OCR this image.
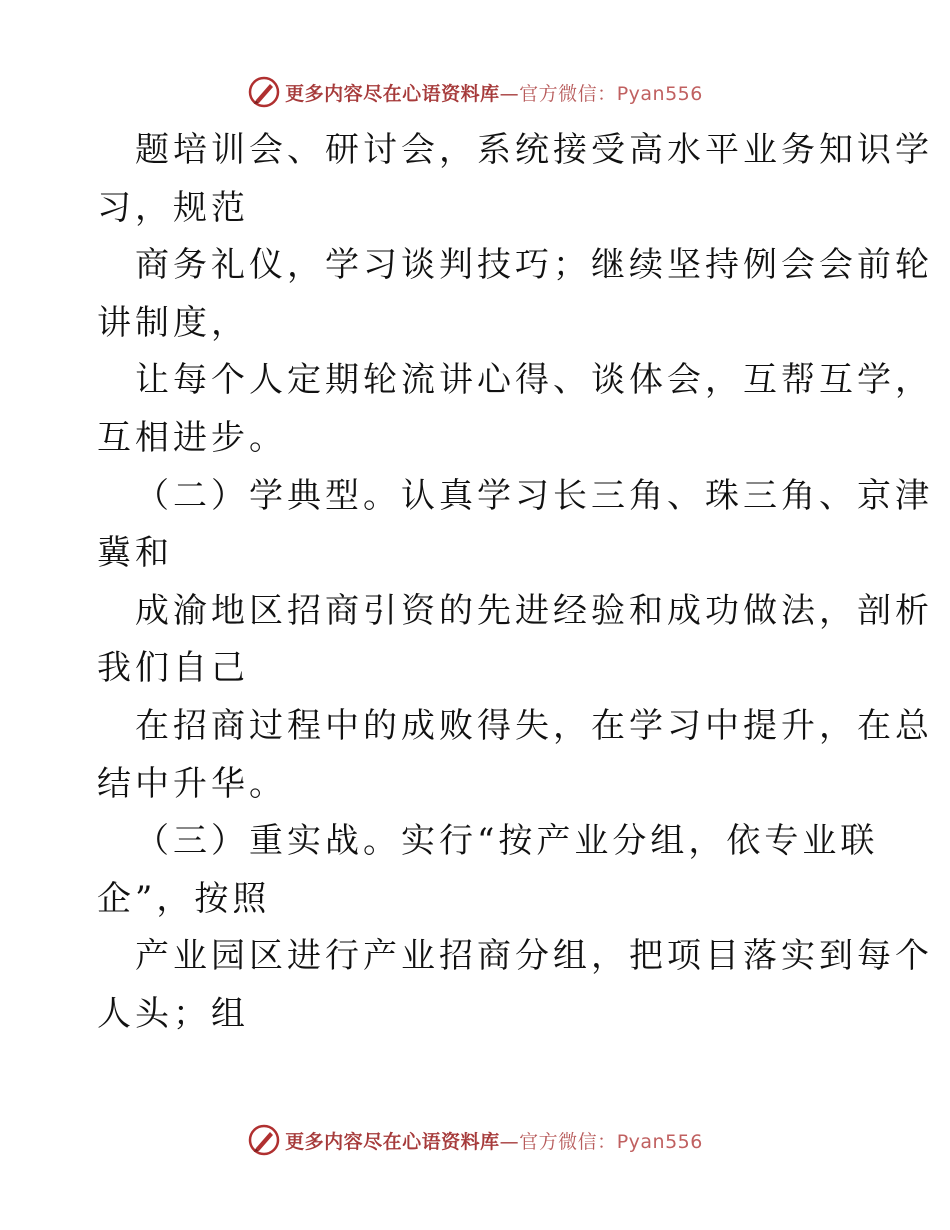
更多内容尽在心语资料库—官方微信：Pyan556
题培训会、研讨会，系统接受高水平业务知识学
习，规范
商务礼仪，学习谈判技巧；继续坚持例会会前轮
讲制度，
让每个人定期轮流讲心得、谈体会，互帮互学，
互相进步。
（二）学典型。认真学习长三角、珠三角、京津
冀和
成渝地区招商引资的先进经验和成功做法，剖析
我们自己
在招商过程中的成败得失，在学习中提升，在总
结中升华。
（三）重实战。实行“按产业分组，依专业联
企”，按照
产业园区进行产业招商分组，把项目落实到每个
人头；组
更多内容尽在心语资料库—官方微信：Pyan556
